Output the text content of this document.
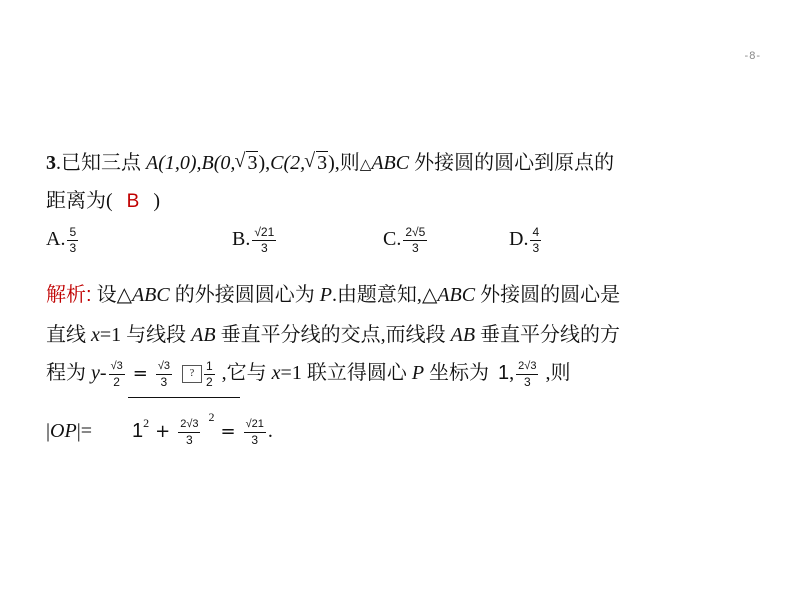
-8-
3.已知三点 A(1,0),B(0, √ 3),C(2, √ 3),则△ABC 外接圆的圆心到原点的
距离为( B )
A. $\frac{5}{3}$	B. $\frac{√21}{3}$	C. $\frac{2√5}{3}$	D. $\frac{4}{3}$
解析: 设△ABC 的外接圆圆心为 P.由题意知,△ABC 外接圆的圆心是
直线 x=1 与线段 AB 垂直平分线的交点,而线段 AB 垂直平分线的方
程为 $y- \frac{√3}{2} = \frac{√3}{3}$ ? $\frac{1}{2}$ ,它与 x=1 联立得圆心 P 坐标为 1, $\frac{2√3}{3}$ ,则
$|OP|= 1^2 + \frac{2√3}{3}$
$^2= \frac{√21}{3}$ .
